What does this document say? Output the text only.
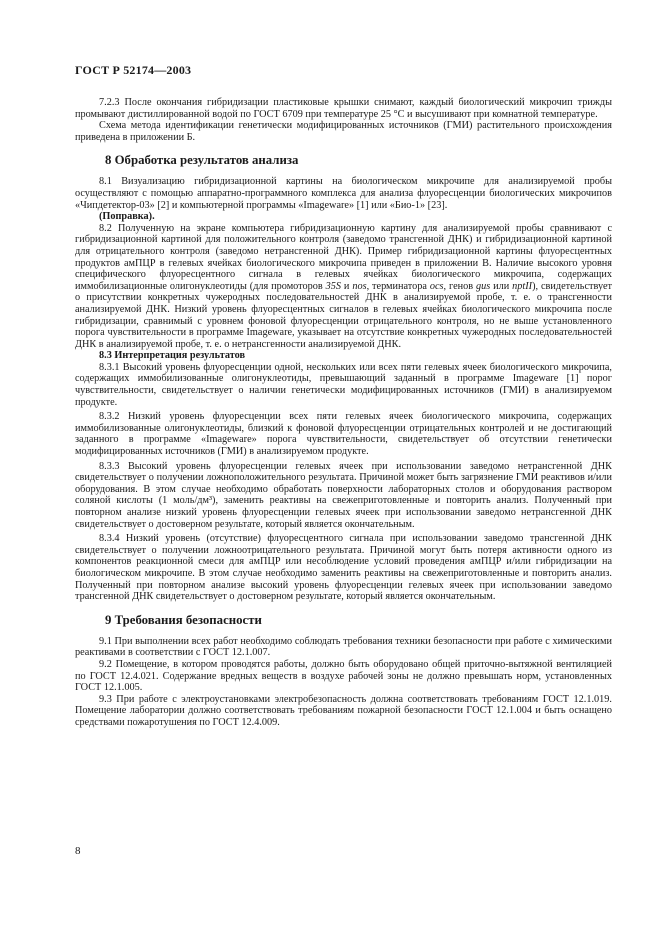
ГОСТ Р 52174—2003

7.2.3 После окончания гибридизации пластиковые крышки снимают, каждый биологический микрочип трижды промывают дистиллированной водой по ГОСТ 6709 при температуре 25 °С и высушивают при комнатной температуре.

Схема метода идентификации генетически модифицированных источников (ГМИ) растительного происхождения приведена в приложении Б.

8 Обработка результатов анализа

8.1 Визуализацию гибридизационной картины на биологическом микрочипе для анализируемой пробы осуществляют с помощью аппаратно-программного комплекса для анализа флуоресценции биологических микрочипов «Чипдетектор-03» [2] и компьютерной программы «Imageware» [1] или «Био-1» [23].

(Поправка).

8.2 Полученную на экране компьютера гибридизационную картину для анализируемой пробы сравнивают с гибридизационной картиной для положительного контроля (заведомо трансгенной ДНК) и гибридизационной картиной для отрицательного контроля (заведомо нетрансгенной ДНК). Пример гибридизационной картины флуоресцентных продуктов амПЦР в гелевых ячейках биологического микрочипа приведен в приложении В. Наличие высокого уровня специфического флуоресцентного сигнала в гелевых ячейках биологического микрочипа, содержащих иммобилизационные олигонуклеотиды (для промоторов 35S и nos, терминатора ocs, генов gus или nptII), свидетельствует о присутствии конкретных чужеродных последовательностей ДНК в анализируемой пробе, т. е. о трансгенности анализируемой ДНК. Низкий уровень флуоресцентных сигналов в гелевых ячейках биологического микрочипа после гибридизации, сравнимый с уровнем фоновой флуоресценции отрицательного контроля, но не выше установленного порога чувствительности в программе Imageware, указывает на отсутствие конкретных чужеродных последовательностей ДНК в анализируемой пробе, т. е. о нетрансгенности анализируемой ДНК.

8.3 Интерпретация результатов

8.3.1 Высокий уровень флуоресценции одной, нескольких или всех пяти гелевых ячеек биологического микрочипа, содержащих иммобилизованные олигонуклеотиды, превышающий заданный в программе Imageware [1] порог чувствительности, свидетельствует о наличии генетически модифицированных источников (ГМИ) в анализируемом продукте.

8.3.2 Низкий уровень флуоресценции всех пяти гелевых ячеек биологического микрочипа, содержащих иммобилизованные олигонуклеотиды, близкий к фоновой флуоресценции отрицательных контролей и не достигающий заданного в программе «Imageware» порога чувствительности, свидетельствует об отсутствии генетически модифицированных источников (ГМИ) в анализируемом продукте.

8.3.3 Высокий уровень флуоресценции гелевых ячеек при использовании заведомо нетрансгенной ДНК свидетельствует о получении ложноположительного результата. Причиной может быть загрязнение ГМИ реактивов и/или оборудования. В этом случае необходимо обработать поверхности лабораторных столов и оборудования раствором соляной кислоты (1 моль/дм³), заменить реактивы на свежеприготовленные и повторить анализ. Полученный при повторном анализе низкий уровень флуоресценции гелевых ячеек при использовании заведомо нетрансгенной ДНК свидетельствует о достоверном результате, который является окончательным.

8.3.4 Низкий уровень (отсутствие) флуоресцентного сигнала при использовании заведомо трансгенной ДНК свидетельствует о получении ложноотрицательного результата. Причиной могут быть потеря активности одного из компонентов реакционной смеси для амПЦР или несоблюдение условий проведения амПЦР и/или гибридизации на биологическом микрочипе. В этом случае необходимо заменить реактивы на свежеприготовленные и повторить анализ. Полученный при повторном анализе высокий уровень флуоресценции гелевых ячеек при использовании заведомо трансгенной ДНК свидетельствует о достоверном результате, который является окончательным.

9 Требования безопасности

9.1 При выполнении всех работ необходимо соблюдать требования техники безопасности при работе с химическими реактивами в соответствии с ГОСТ 12.1.007.

9.2 Помещение, в котором проводятся работы, должно быть оборудовано общей приточно-вытяжной вентиляцией по ГОСТ 12.4.021. Содержание вредных веществ в воздухе рабочей зоны не должно превышать норм, установленных ГОСТ 12.1.005.

9.3 При работе с электроустановками электробезопасность должна соответствовать требованиям ГОСТ 12.1.019. Помещение лаборатории должно соответствовать требованиям пожарной безопасности ГОСТ 12.1.004 и быть оснащено средствами пожаротушения по ГОСТ 12.4.009.

8
